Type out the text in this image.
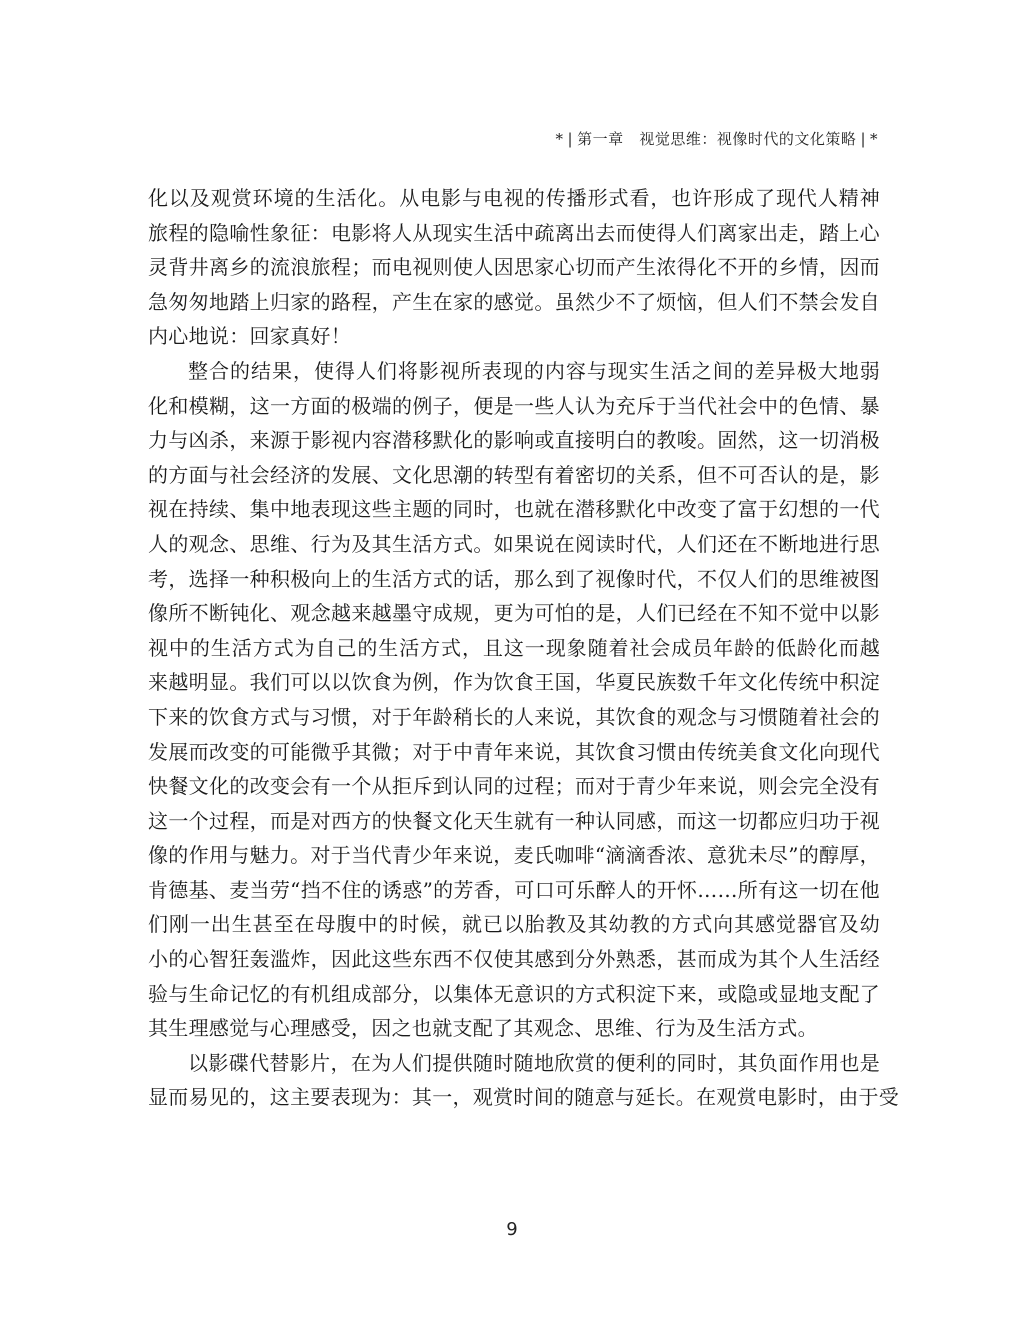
* | 第一章 视觉思维：视像时代的文化策略 | *
化以及观赏环境的生活化。从电影与电视的传播形式看，也许形成了现代人精神
旅程的隐喻性象征：电影将人从现实生活中疏离出去而使得人们离家出走，踏上心
灵背井离乡的流浪旅程；而电视则使人因思家心切而产生浓得化不开的乡情，因而
急匆匆地踏上归家的路程，产生在家的感觉。虽然少不了烦恼，但人们不禁会发自
内心地说：回家真好！
整合的结果，使得人们将影视所表现的内容与现实生活之间的差异极大地弱
化和模糊，这一方面的极端的例子，便是一些人认为充斥于当代社会中的色情、暴
力与凶杀，来源于影视内容潜移默化的影响或直接明白的教唆。固然，这一切消极
的方面与社会经济的发展、文化思潮的转型有着密切的关系，但不可否认的是，影
视在持续、集中地表现这些主题的同时，也就在潜移默化中改变了富于幻想的一代
人的观念、思维、行为及其生活方式。如果说在阅读时代，人们还在不断地进行思
考，选择一种积极向上的生活方式的话，那么到了视像时代，不仅人们的思维被图
像所不断钝化、观念越来越墨守成规，更为可怕的是，人们已经在不知不觉中以影
视中的生活方式为自己的生活方式，且这一现象随着社会成员年龄的低龄化而越
来越明显。我们可以以饮食为例，作为饮食王国，华夏民族数千年文化传统中积淀
下来的饮食方式与习惯，对于年龄稍长的人来说，其饮食的观念与习惯随着社会的
发展而改变的可能微乎其微；对于中青年来说，其饮食习惯由传统美食文化向现代
快餐文化的改变会有一个从拒斥到认同的过程；而对于青少年来说，则会完全没有
这一个过程，而是对西方的快餐文化天生就有一种认同感，而这一切都应归功于视
像的作用与魅力。对于当代青少年来说，麦氏咖啡“滴滴香浓、意犹未尽”的醇厚，
肯德基、麦当劳“挡不住的诱惑”的芳香，可口可乐醉人的开怀……所有这一切在他
们刚一出生甚至在母腹中的时候，就已以胎教及其幼教的方式向其感觉器官及幼
小的心智狂轰滥炸，因此这些东西不仅使其感到分外熟悉，甚而成为其个人生活经
验与生命记忆的有机组成部分，以集体无意识的方式积淀下来，或隐或显地支配了
其生理感觉与心理感受，因之也就支配了其观念、思维、行为及生活方式。
以影碟代替影片，在为人们提供随时随地欣赏的便利的同时，其负面作用也是
显而易见的，这主要表现为：其一，观赏时间的随意与延长。在观赏电影时，由于受
9
